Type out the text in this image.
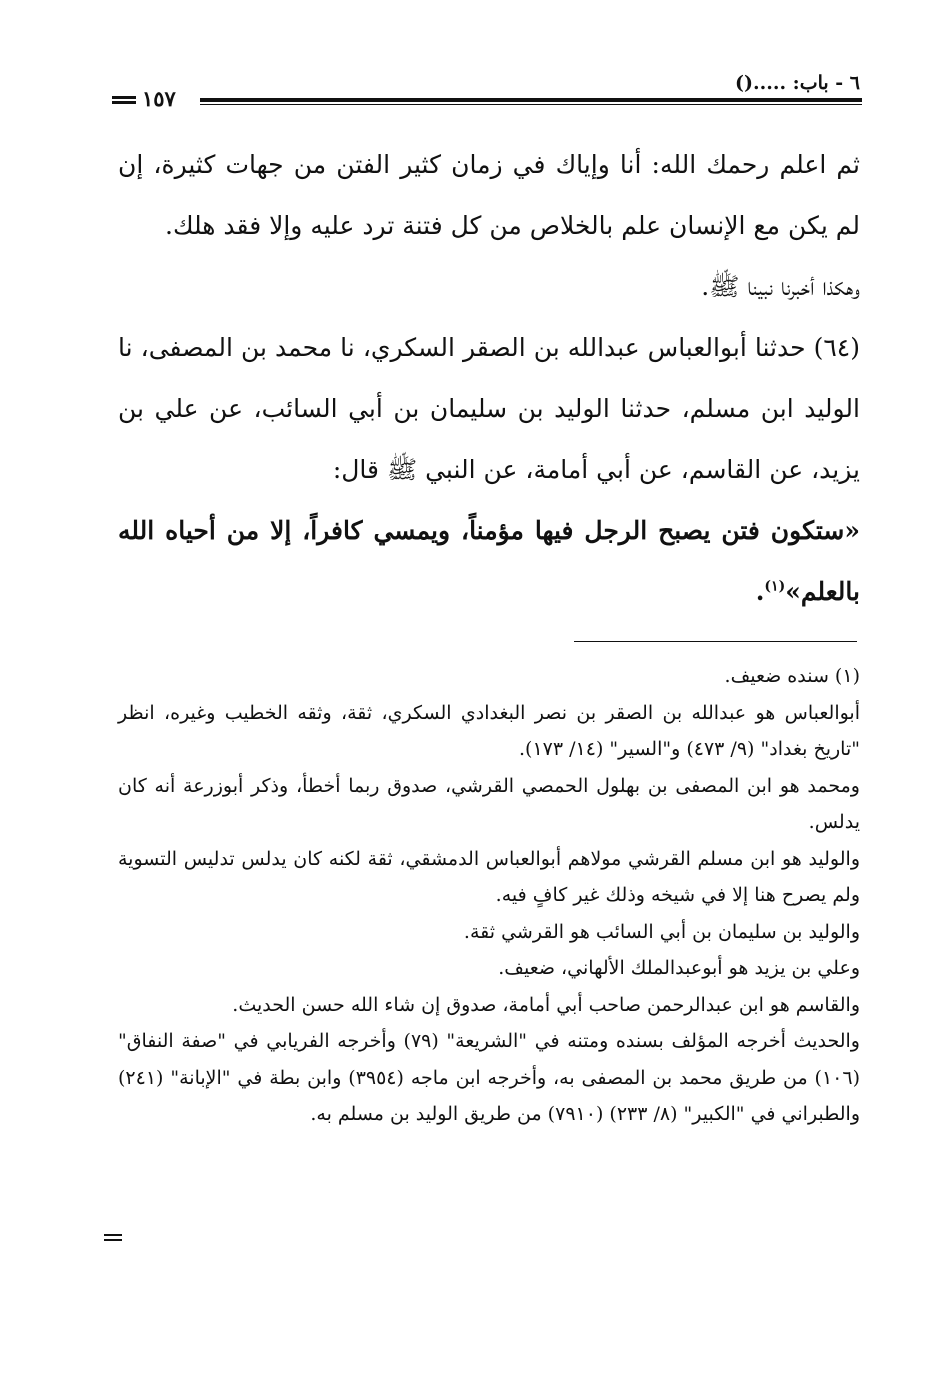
٦ - باب: .....()
١٥٧

ثم اعلم رحمك الله: أنا وإياك في زمان كثير الفتن من جهات كثيرة، إن لم يكن مع الإنسان علم بالخلاص من كل فتنة ترد عليه وإلا فقد هلك.

وهكذا أخبرنا نبينا ﷺ.

(٦٤) حدثنا أبوالعباس عبدالله بن الصقر السكري، نا محمد بن المصفى، نا الوليد ابن مسلم، حدثنا الوليد بن سليمان بن أبي السائب، عن علي بن يزيد، عن القاسم، عن أبي أمامة، عن النبي ﷺ قال:

«ستكون فتن يصبح الرجل فيها مؤمناً، ويمسي كافراً، إلا من أحياه الله بالعلم»$^{(١)}$.

(١) سنده ضعيف.

أبوالعباس هو عبدالله بن الصقر بن نصر البغدادي السكري، ثقة، وثقه الخطيب وغيره، انظر "تاريخ بغداد" (٩/ ٤٧٣) و"السير" (١٤/ ١٧٣).

ومحمد هو ابن المصفى بن بهلول الحمصي القرشي، صدوق ربما أخطأ، وذكر أبوزرعة أنه كان يدلس.

والوليد هو ابن مسلم القرشي مولاهم أبوالعباس الدمشقي، ثقة لكنه كان يدلس تدليس التسوية ولم يصرح هنا إلا في شيخه وذلك غير كافٍ فيه.

والوليد بن سليمان بن أبي السائب هو القرشي ثقة.

وعلي بن يزيد هو أبوعبدالملك الألهاني، ضعيف.

والقاسم هو ابن عبدالرحمن صاحب أبي أمامة، صدوق إن شاء الله حسن الحديث.

والحديث أخرجه المؤلف بسنده ومتنه في "الشريعة" (٧٩) وأخرجه الفريابي في "صفة النفاق" (١٠٦) من طريق محمد بن المصفى به، وأخرجه ابن ماجه (٣٩٥٤) وابن بطة في "الإبانة" (٢٤١) والطبراني في "الكبير" (٨/ ٢٣٣) (٧٩١٠) من طريق الوليد بن مسلم به.
